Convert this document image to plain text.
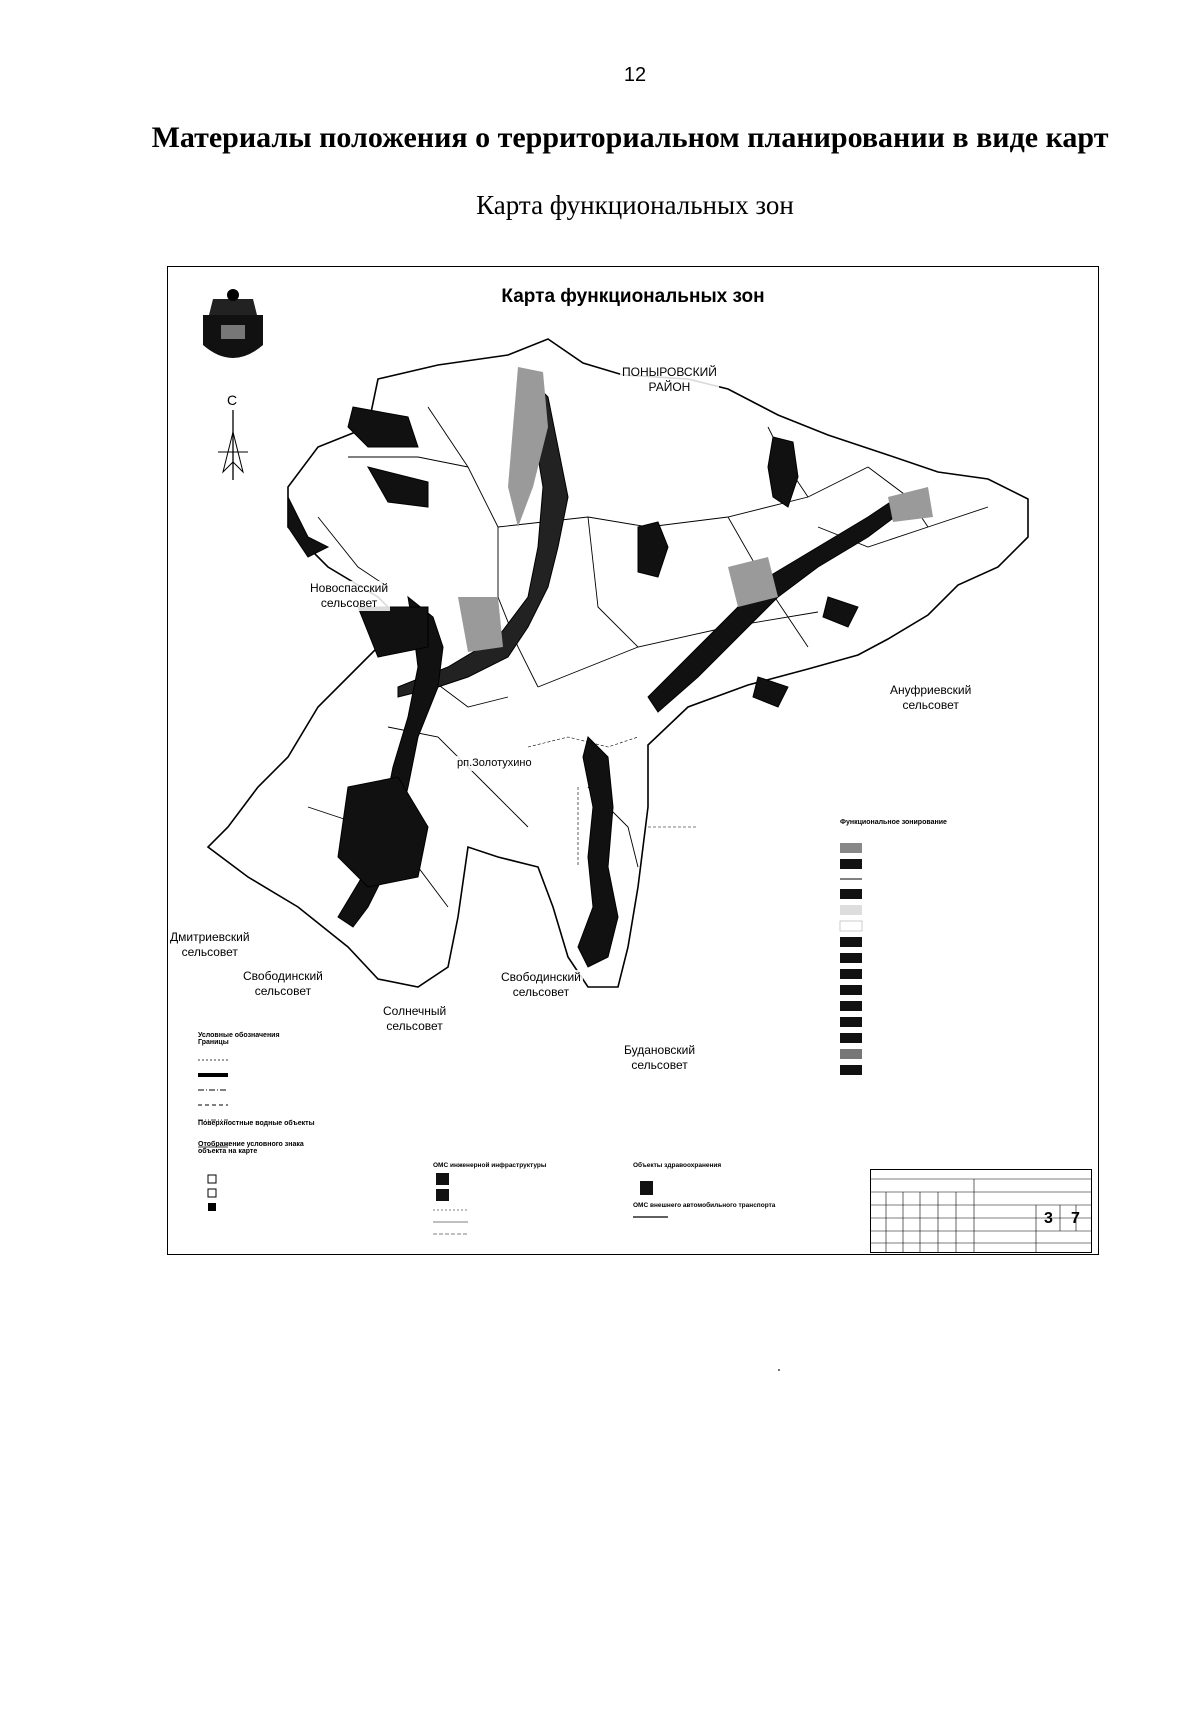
12
Материалы положения о территориальном планировании в виде карт
Карта функциональных зон
Карта функциональных зон
С
ПОНЫРОВСКИЙ
РАЙОН
Новоспасский
сельсовет
Ануфриевский
сельсовет
рп.Золотухино
Дмитриевский
сельсовет
Свободинский
сельсовет
Солнечный
сельсовет
Свободинский
сельсовет
Будановский
сельсовет
Функциональное зонирование
Условные обозначения
Границы
Поверхностные водные объекты
Отображение условного знака объекта на карте
ОМС инженерной инфраструктуры	Объекты здравоохранения
ОМС внешнего автомобильного транспорта
3 7
